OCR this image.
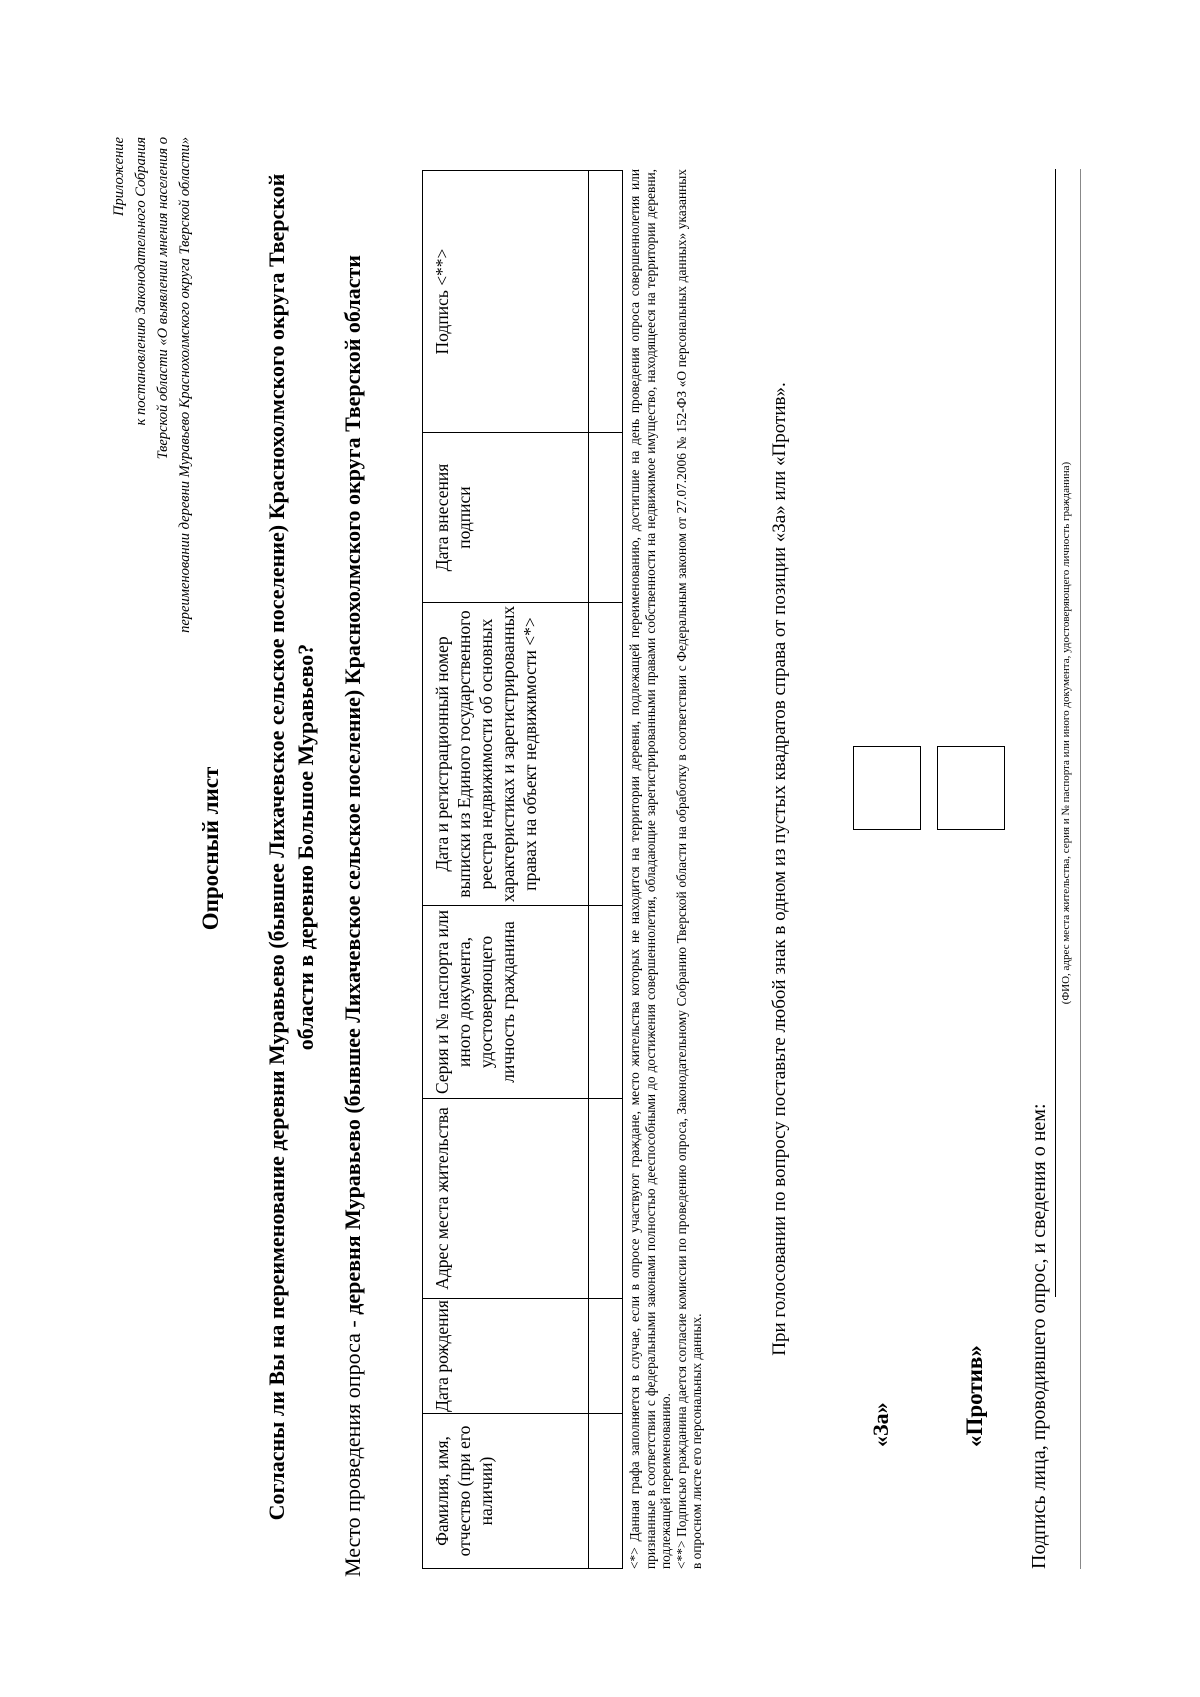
Приложение к постановлению Законодательного Собрания Тверской области «О выявлении мнения населения о переименовании деревни Муравьево Краснохолмского округа Тверской области»
Опросный лист Согласны ли Вы на переименование деревни Муравьево (бывшее Лихачевское сельское поселение) Краснохолмского округа Тверской области в деревню Большое Муравьево?
Место проведения опроса - деревня Муравьево (бывшее Лихачевское сельское поселение) Краснохолмского округа Тверской области
Фамилия, имя, отчество (при его наличии)	Дата рождения	Адрес места жительства	Серия и № паспорта или иного документа, удостоверяющего личность гражданина	Дата и регистрационный номер выписки из Единого государственного реестра недвижимости об основных характеристиках и зарегистрированных правах на объект недвижимости <*>	Дата внесения подписи	Подпись <**>
							<*> Данная графа заполняется в случае, если в опросе участвуют граждане, место жительства которых не находится на территории деревни, подлежащей переименованию, достигшие на день проведения опроса совершеннолетия или признанные в соответствии с федеральными законами полностью дееспособными до достижения совершеннолетия, обладающие зарегистрированными правами собственности на недвижимое имущество, находящееся на территории деревни, подлежащей переименованию. <**> Подписью гражданина дается согласие комиссии по проведению опроса, Законодательному Собранию Тверской области на обработку в соответствии с Федеральным законом от 27.07.2006 № 152-ФЗ «О персональных данных» указанных в опросном листе его персональных данных.

При голосовании по вопросу поставьте любой знак в одном из пустых квадратов справа от позиции «За» или «Против».
«За»	«Против» Подпись лица, проводившего опрос, и сведения о нем:
(ФИО, адрес места жительства, серия и № паспорта или иного документа, удостоверяющего личность гражданина)
